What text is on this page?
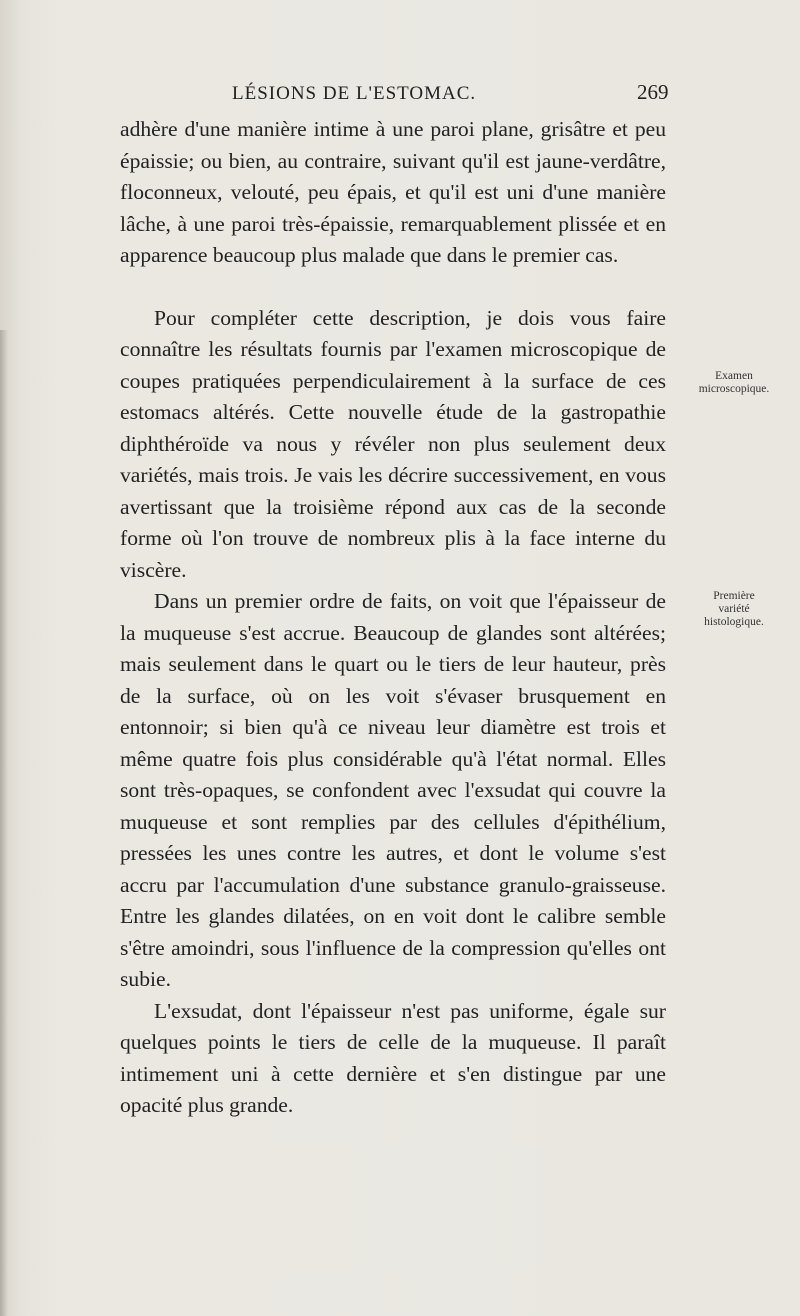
LÉSIONS DE L'ESTOMAC.	269

adhère d'une manière intime à une paroi plane, grisâtre et peu épaissie; ou bien, au contraire, suivant qu'il est jaune-verdâtre, floconneux, velouté, peu épais, et qu'il est uni d'une manière lâche, à une paroi très-épaissie, remarquablement plissée et en apparence beaucoup plus malade que dans le premier cas.

Pour compléter cette description, je dois vous faire connaître les résultats fournis par l'examen microscopique de coupes pratiquées perpendiculairement à la surface de ces estomacs altérés. Cette nouvelle étude de la gastropathie diphthéroïde va nous y révéler non plus seulement deux variétés, mais trois. Je vais les décrire successivement, en vous avertissant que la troisième répond aux cas de la seconde forme où l'on trouve de nombreux plis à la face interne du viscère.

Dans un premier ordre de faits, on voit que l'épaisseur de la muqueuse s'est accrue. Beaucoup de glandes sont altérées; mais seulement dans le quart ou le tiers de leur hauteur, près de la surface, où on les voit s'évaser brusquement en entonnoir; si bien qu'à ce niveau leur diamètre est trois et même quatre fois plus considérable qu'à l'état normal. Elles sont très-opaques, se confondent avec l'exsudat qui couvre la muqueuse et sont remplies par des cellules d'épithélium, pressées les unes contre les autres, et dont le volume s'est accru par l'accumulation d'une substance granulo-graisseuse. Entre les glandes dilatées, on en voit dont le calibre semble s'être amoindri, sous l'influence de la compression qu'elles ont subie.

L'exsudat, dont l'épaisseur n'est pas uniforme, égale sur quelques points le tiers de celle de la muqueuse. Il paraît intimement uni à cette dernière et s'en distingue par une opacité plus grande.

Examen
microscopique.
Première
variété
histologique.
